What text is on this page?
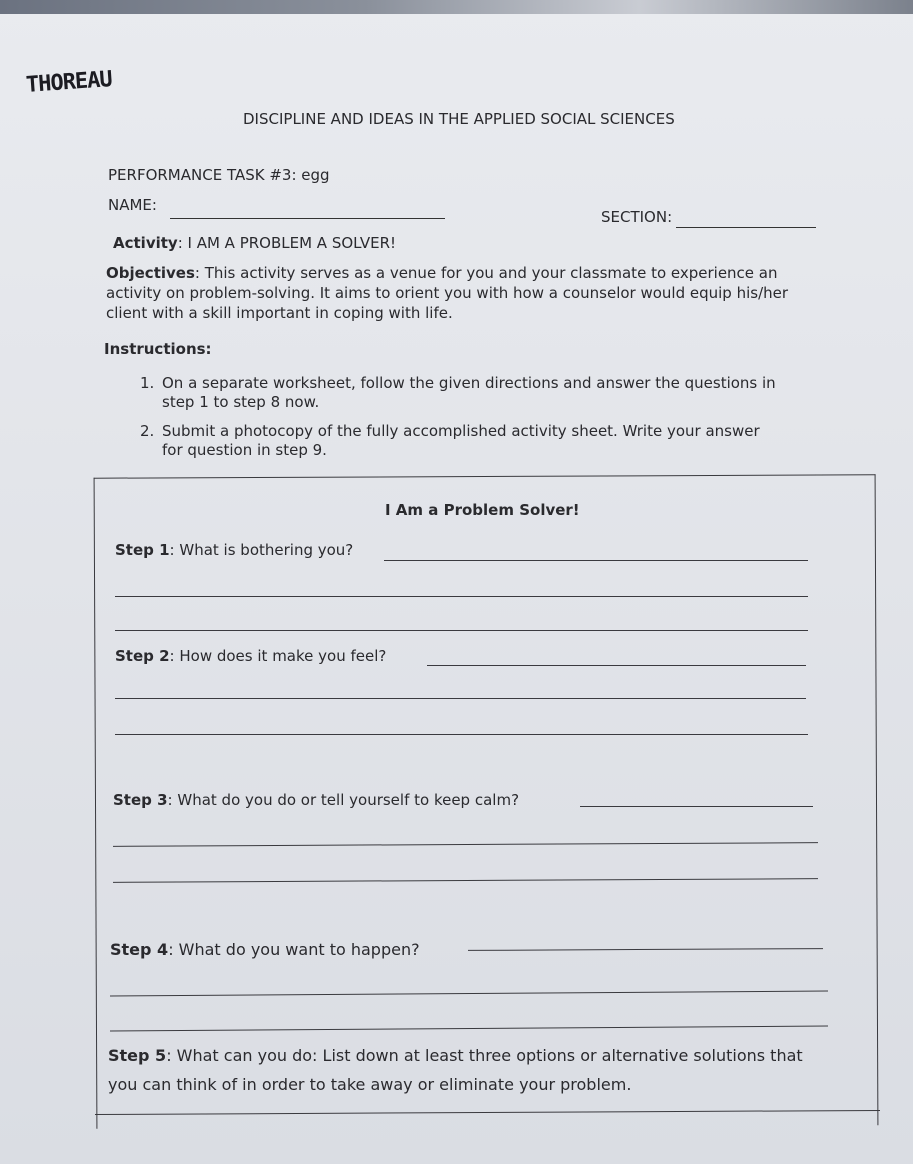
THOREAU
DISCIPLINE AND IDEAS IN THE APPLIED SOCIAL SCIENCES
PERFORMANCE TASK #3: egg
NAME:
SECTION:
Activity: I AM A PROBLEM A SOLVER!
Objectives: This activity serves as a venue for you and your classmate to experience an activity on problem-solving. It aims to orient you with how a counselor would equip his/her client with a skill important in coping with life.
Instructions:
1. On a separate worksheet, follow the given directions and answer the questions in
step 1 to step 8 now.
2. Submit a photocopy of the fully accomplished activity sheet. Write your answer
for question in step 9.
I Am a Problem Solver!
Step 1: What is bothering you?
Step 2: How does it make you feel?
Step 3: What do you do or tell yourself to keep calm?
Step 4: What do you want to happen?
Step 5: What can you do: List down at least three options or alternative solutions that
you can think of in order to take away or eliminate your problem.
